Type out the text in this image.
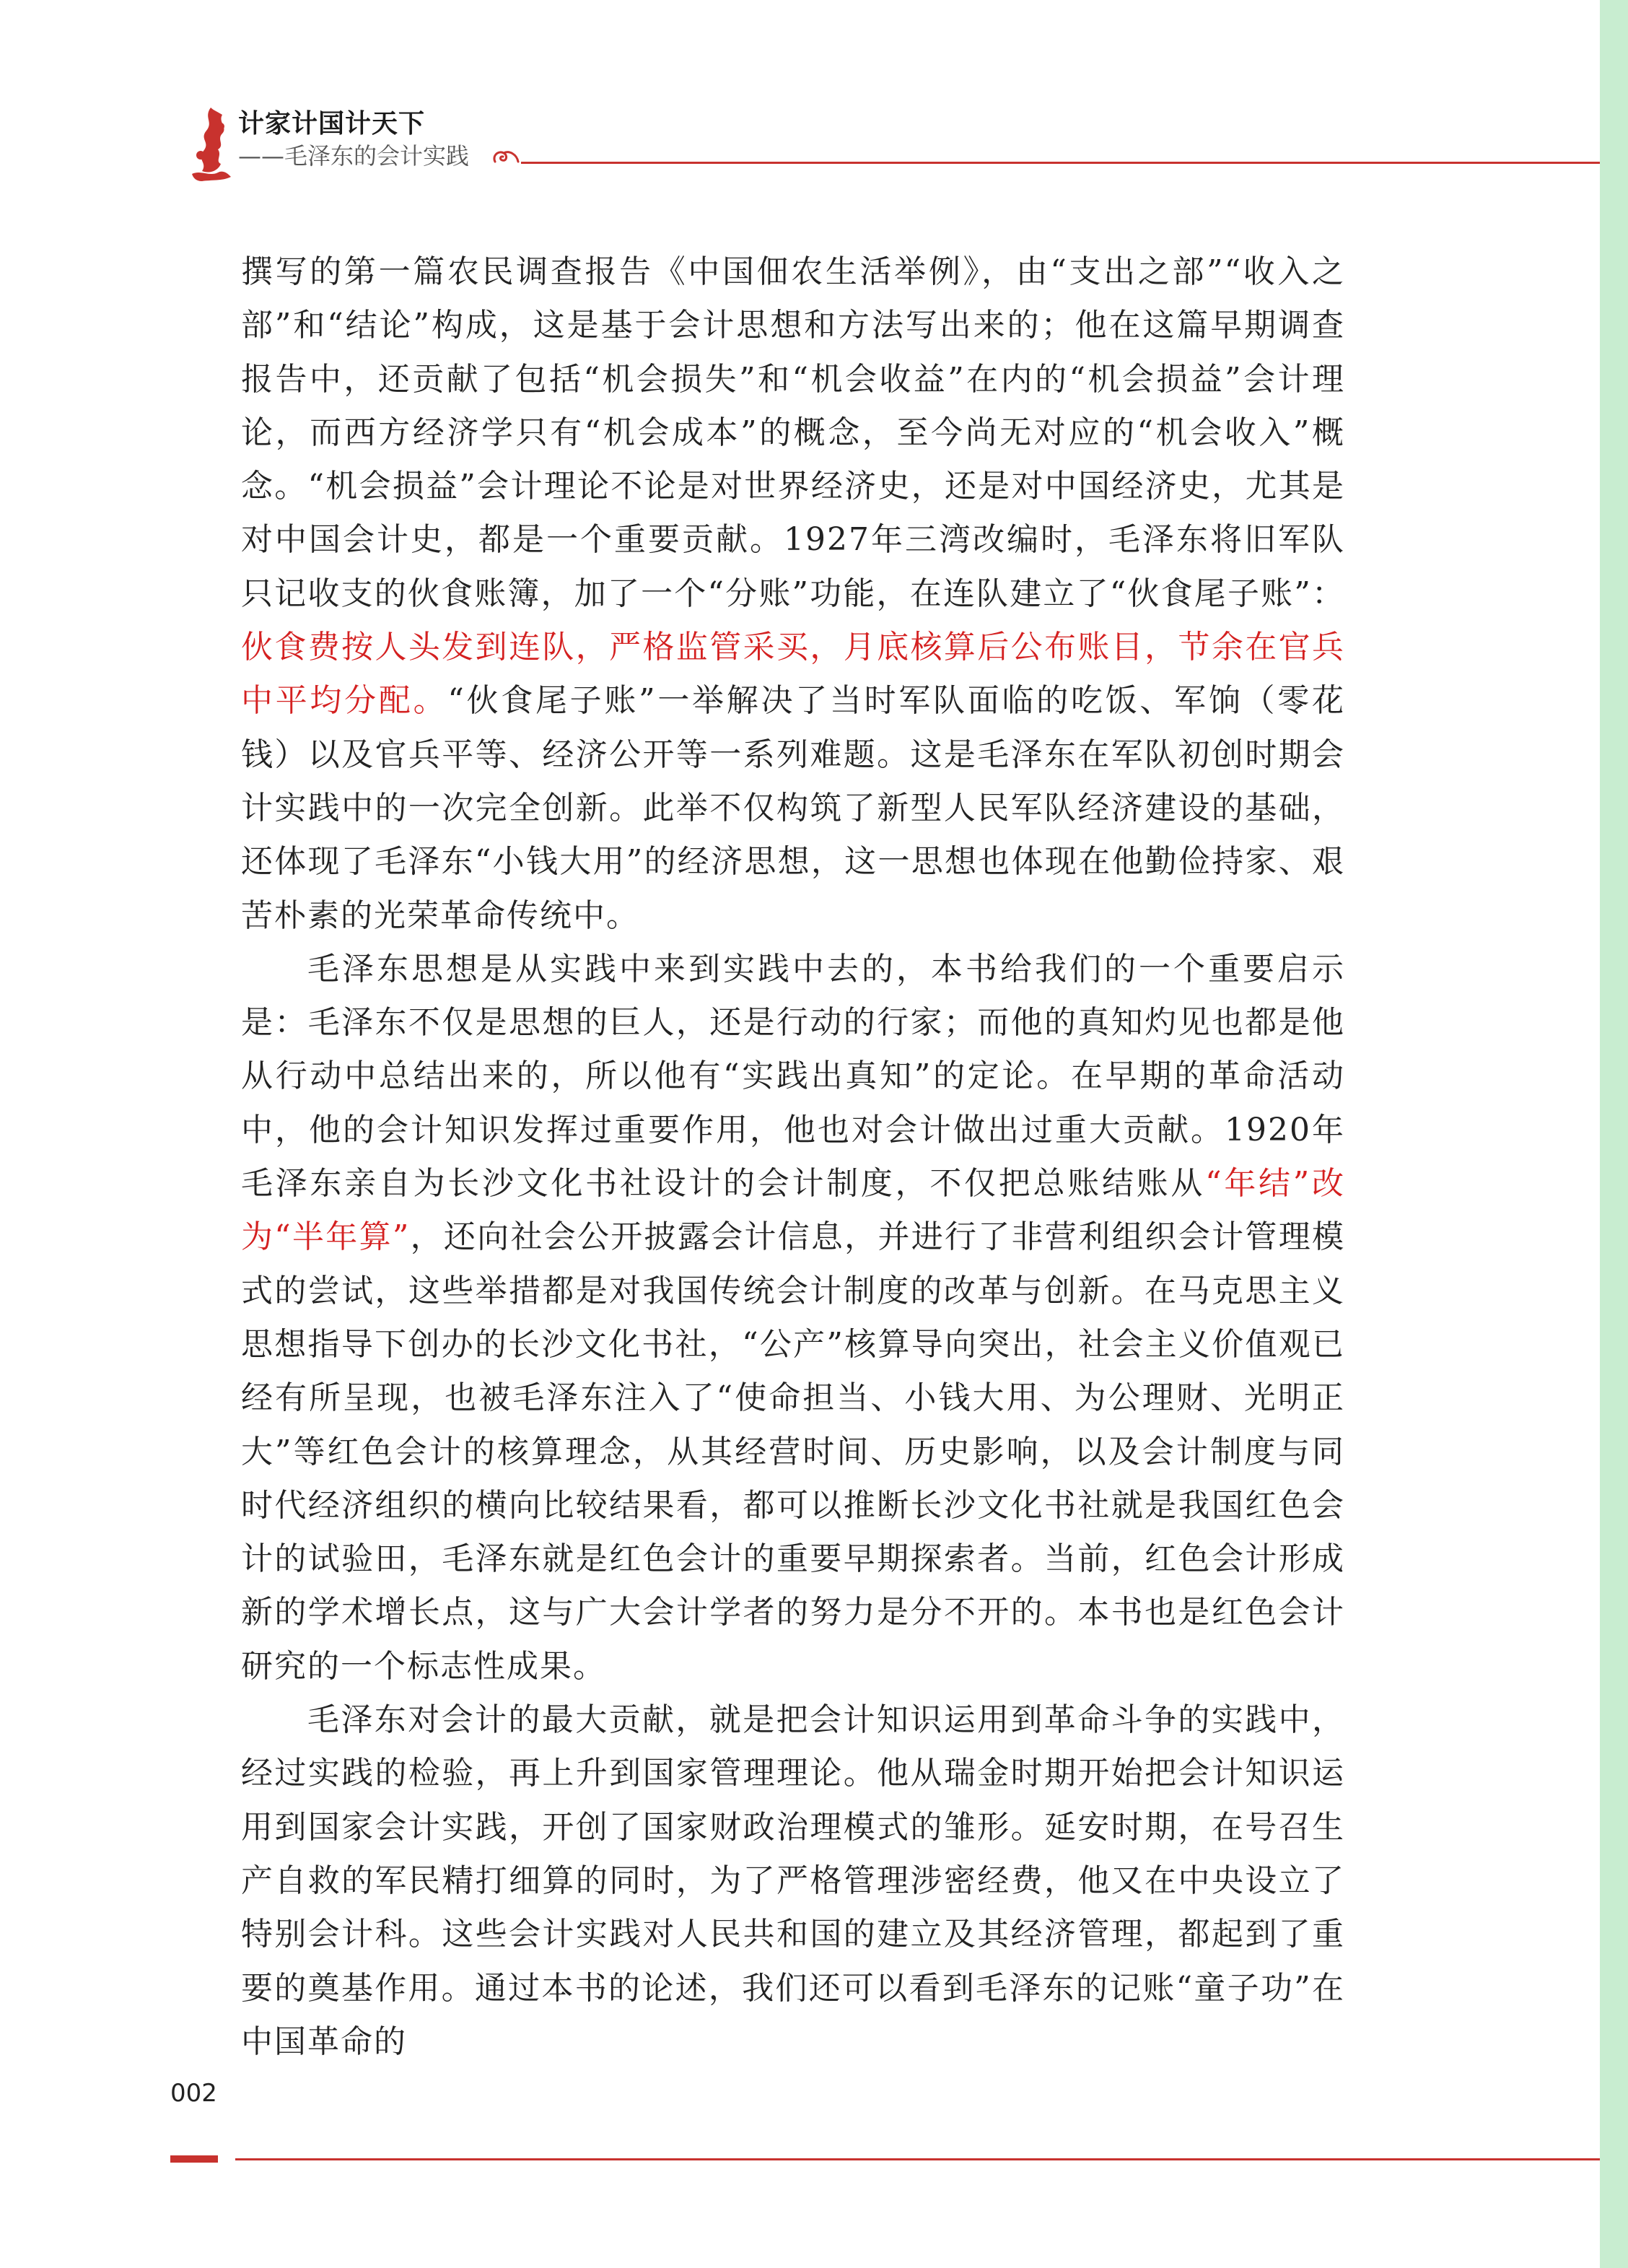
计家计国计天下
——毛泽东的会计实践

撰写的第一篇农民调查报告《中国佃农生活举例》，由“支出之部”“收入之部”和“结论”构成，这是基于会计思想和方法写出来的；他在这篇早期调查报告中，还贡献了包括“机会损失”和“机会收益”在内的“机会损益”会计理论，而西方经济学只有“机会成本”的概念，至今尚无对应的“机会收入”概念。“机会损益”会计理论不论是对世界经济史，还是对中国经济史，尤其是对中国会计史，都是一个重要贡献。1927年三湾改编时，毛泽东将旧军队只记收支的伙食账簿，加了一个“分账”功能，在连队建立了“伙食尾子账”：伙食费按人头发到连队，严格监管采买，月底核算后公布账目，节余在官兵中平均分配。“伙食尾子账”一举解决了当时军队面临的吃饭、军饷（零花钱）以及官兵平等、经济公开等一系列难题。这是毛泽东在军队初创时期会计实践中的一次完全创新。此举不仅构筑了新型人民军队经济建设的基础，还体现了毛泽东“小钱大用”的经济思想，这一思想也体现在他勤俭持家、艰苦朴素的光荣革命传统中。

毛泽东思想是从实践中来到实践中去的，本书给我们的一个重要启示是：毛泽东不仅是思想的巨人，还是行动的行家；而他的真知灼见也都是他从行动中总结出来的，所以他有“实践出真知”的定论。在早期的革命活动中，他的会计知识发挥过重要作用，他也对会计做出过重大贡献。1920年毛泽东亲自为长沙文化书社设计的会计制度，不仅把总账结账从“年结”改为“半年算”，还向社会公开披露会计信息，并进行了非营利组织会计管理模式的尝试，这些举措都是对我国传统会计制度的改革与创新。在马克思主义思想指导下创办的长沙文化书社，“公产”核算导向突出，社会主义价值观已经有所呈现，也被毛泽东注入了“使命担当、小钱大用、为公理财、光明正大”等红色会计的核算理念，从其经营时间、历史影响，以及会计制度与同时代经济组织的横向比较结果看，都可以推断长沙文化书社就是我国红色会计的试验田，毛泽东就是红色会计的重要早期探索者。当前，红色会计形成新的学术增长点，这与广大会计学者的努力是分不开的。本书也是红色会计研究的一个标志性成果。

毛泽东对会计的最大贡献，就是把会计知识运用到革命斗争的实践中，经过实践的检验，再上升到国家管理理论。他从瑞金时期开始把会计知识运用到国家会计实践，开创了国家财政治理模式的雏形。延安时期，在号召生产自救的军民精打细算的同时，为了严格管理涉密经费，他又在中央设立了特别会计科。这些会计实践对人民共和国的建立及其经济管理，都起到了重要的奠基作用。通过本书的论述，我们还可以看到毛泽东的记账“童子功”在中国革命的

002
